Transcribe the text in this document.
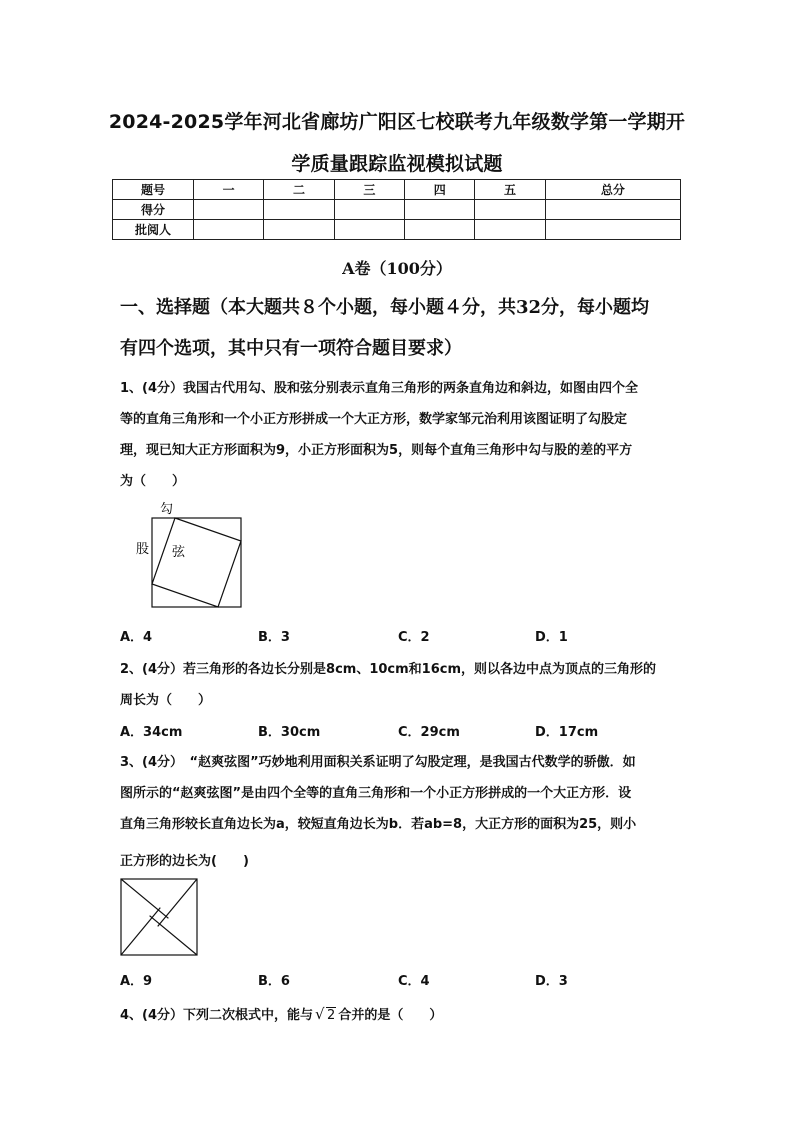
2024-2025学年河北省廊坊广阳区七校联考九年级数学第一学期开
学质量跟踪监视模拟试题
题号	一	二	三	四	五	总分
得分						
批阅人						
A卷（100分）
一、选择题（本大题共８个小题，每小题４分，共32分，每小题均
有四个选项，其中只有一项符合题目要求）
1、(4分）我国古代用勾、股和弦分别表示直角三角形的两条直角边和斜边，如图由四个全
等的直角三角形和一个小正方形拼成一个大正方形，数学家邹元治利用该图证明了勾股定
理，现已知大正方形面积为9，小正方形面积为5，则每个直角三角形中勾与股的差的平方
为（　　）
勾
股 弦
A．4	B．3	C．2	D．1
2、(4分）若三角形的各边长分别是8cm、10cm和16cm，则以各边中点为顶点的三角形的
周长为（　　）
A．34cm	B．30cm	C．29cm	D．17cm
3、(4分）　“赵爽弦图”巧妙地利用面积关系证明了勾股定理，是我国古代数学的骄傲．如
图所示的“赵爽弦图”是由四个全等的直角三角形和一个小正方形拼成的一个大正方形．设
直角三角形较长直角边长为a，较短直角边长为b．若ab=8，大正方形的面积为25，则小
正方形的边长为(　　)
A．9	B．6	C．4	D．3
4、(4分）下列二次根式中，能与 √ 2 合并的是（　　）
